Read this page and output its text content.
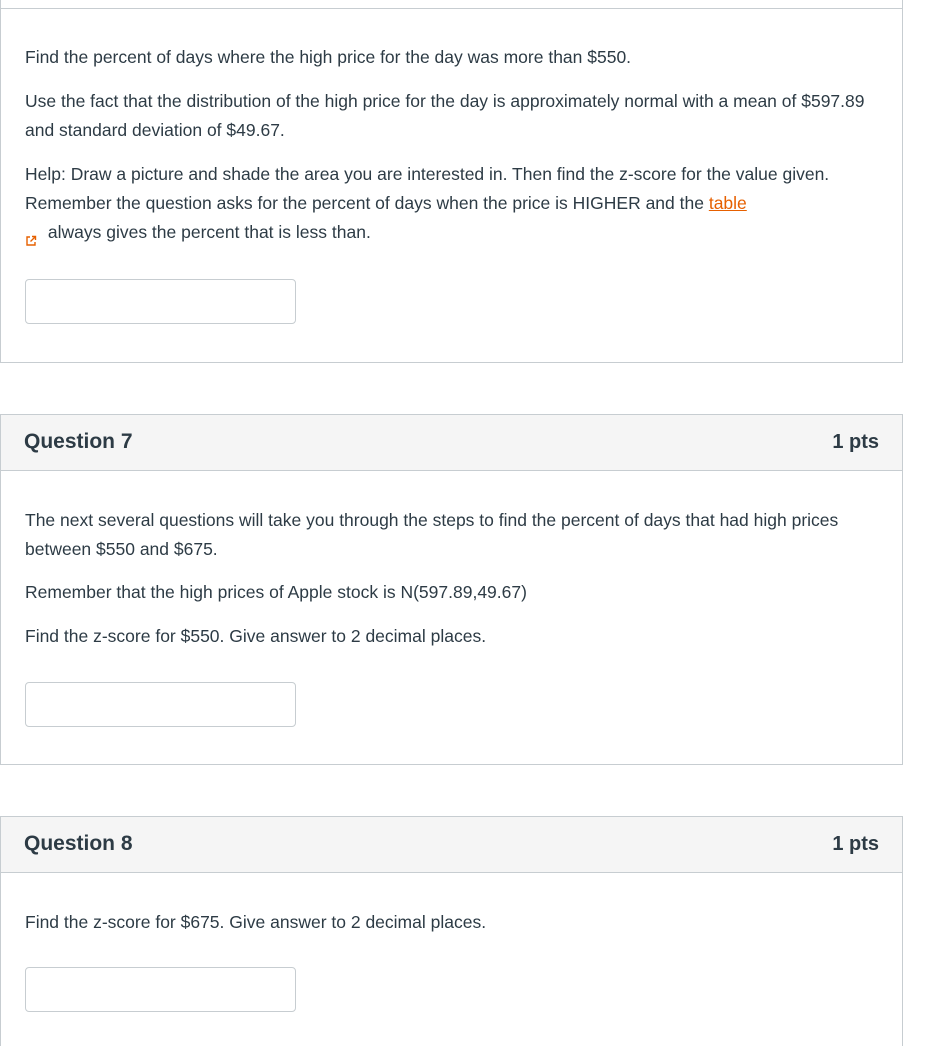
Find the percent of days where the high price for the day was more than $550.

Use the fact that the distribution of the high price for the day is approximately normal with a mean of $597.89 and standard deviation of $49.67.

Help: Draw a picture and shade the area you are interested in. Then find the z-score for the value given. Remember the question asks for the percent of days when the price is HIGHER and the table
always gives the percent that is less than.

Question 7	1 pts

The next several questions will take you through the steps to find the percent of days that had high prices between $550 and $675.

Remember that the high prices of Apple stock is N(597.89,49.67)

Find the z-score for $550. Give answer to 2 decimal places.

Question 8	1 pts

Find the z-score for $675. Give answer to 2 decimal places.
